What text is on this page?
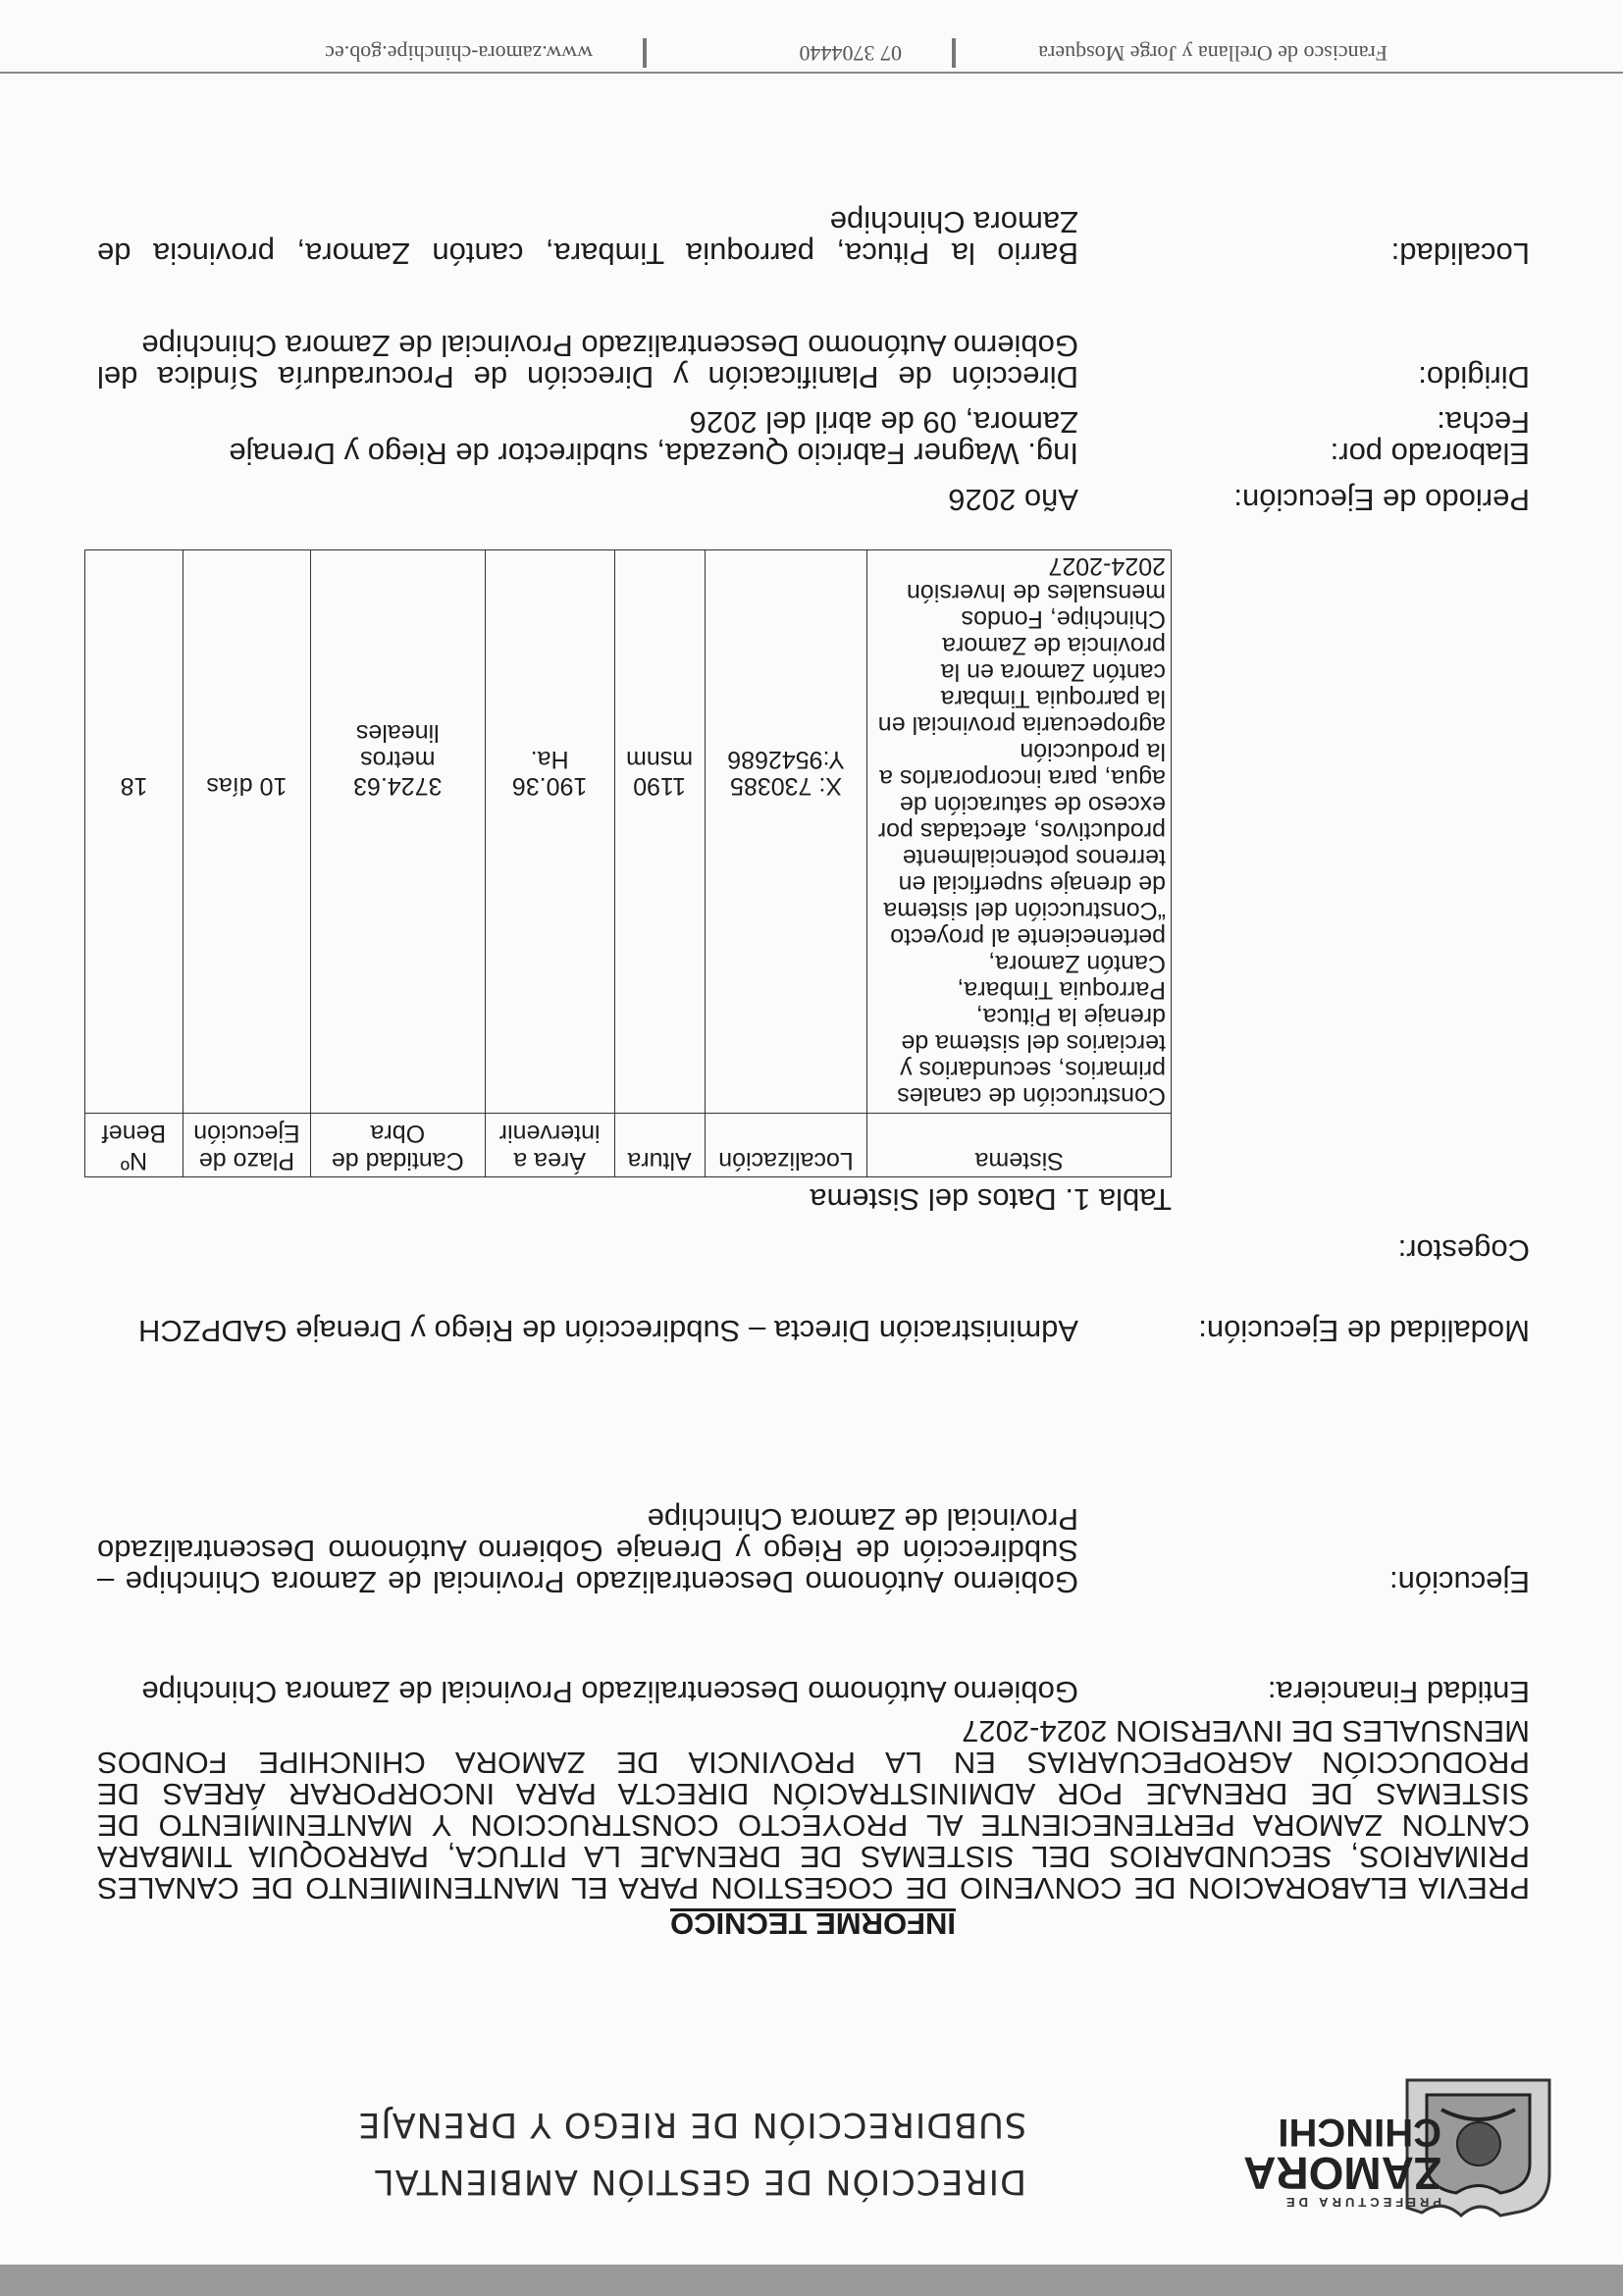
PREFECTURA DE
ZAMORA
CHINCHI
DIRECCIÓN DE GESTIÓN AMBIENTAL
SUBDIRECCIÓN DE RIEGO Y DRENAJE
INFORME TECNICO
PREVIA ELABORACION DE CONVENIO DE COGESTION PARA EL MANTENIMIENTO DE CANALES PRIMARIOS, SECUNDARIOS DEL SISTEMAS DE DRENAJE LA PITUCA, PARROQUIA TIMBARA CANTON ZAMORA PERTENECIENTE AL PROYECTO CONSTRUCCION Y MANTENIMIENTO DE SISTEMAS DE DRENAJE POR ADMINISTRACIÓN DIRECTA PARA INCORPORAR ÁREAS DE PRODUCCIÓN AGROPECUARIAS EN LA PROVINCIA DE ZAMORA CHINCHIPE FONDOS MENSUALES DE INVERSION 2024-2027
Entidad Financiera:
Gobierno Autónomo Descentralizado Provincial de Zamora Chinchipe
Ejecución:
Gobierno Autónomo Descentralizado Provincial de Zamora Chinchipe – Subdirección de Riego y Drenaje Gobierno Autónomo Descentralizado Provincial de Zamora Chinchipe
Modalidad de Ejecución:
Administración Directa – Subdirección de Riego y Drenaje GADPZCH
Cogestor:
Tabla 1. Datos del Sistema
Sistema	Localización	Altura	Área a intervenir	Cantidad de Obra	Plazo de Ejecución	Nº Benef
Construcción de canales primarios, secundarios y terciarios del sistema de drenaje la Pituca, Parroquia Timbara, Cantón Zamora, perteneciente al proyecto “Construcción del sistema de drenaje superficial en terrenos potencialmente productivos, afectadas por exceso de saturación de agua, para incorporarlos a la producción agropecuaria provincial en la parroquia Timbara cantón Zamora en la provincia de Zamora Chinchipe, Fondos mensuales de Inversión 2024-2027	X: 730385 Y:9542686	1190 msnm	190.36 Ha.	3724.63 metros lineales	10 días	18
Periodo de Ejecución:
Año 2026
Elaborado por:
Ing. Wagner Fabricio Quezada, subdirector de Riego y Drenaje
Fecha:
Zamora, 09 de abril del 2026
Dirigido:
Dirección de Planificación y Dirección de Procuraduría Síndica del Gobierno Autónomo Descentralizado Provincial de Zamora Chinchipe
Localidad:
Barrio la Pituca, parroquia Timbara, cantón Zamora, provincia de Zamora Chinchipe
Francisco de Orellana y Jorge Mosquera
07 3704440
www.zamora-chinchipe.gob.ec
